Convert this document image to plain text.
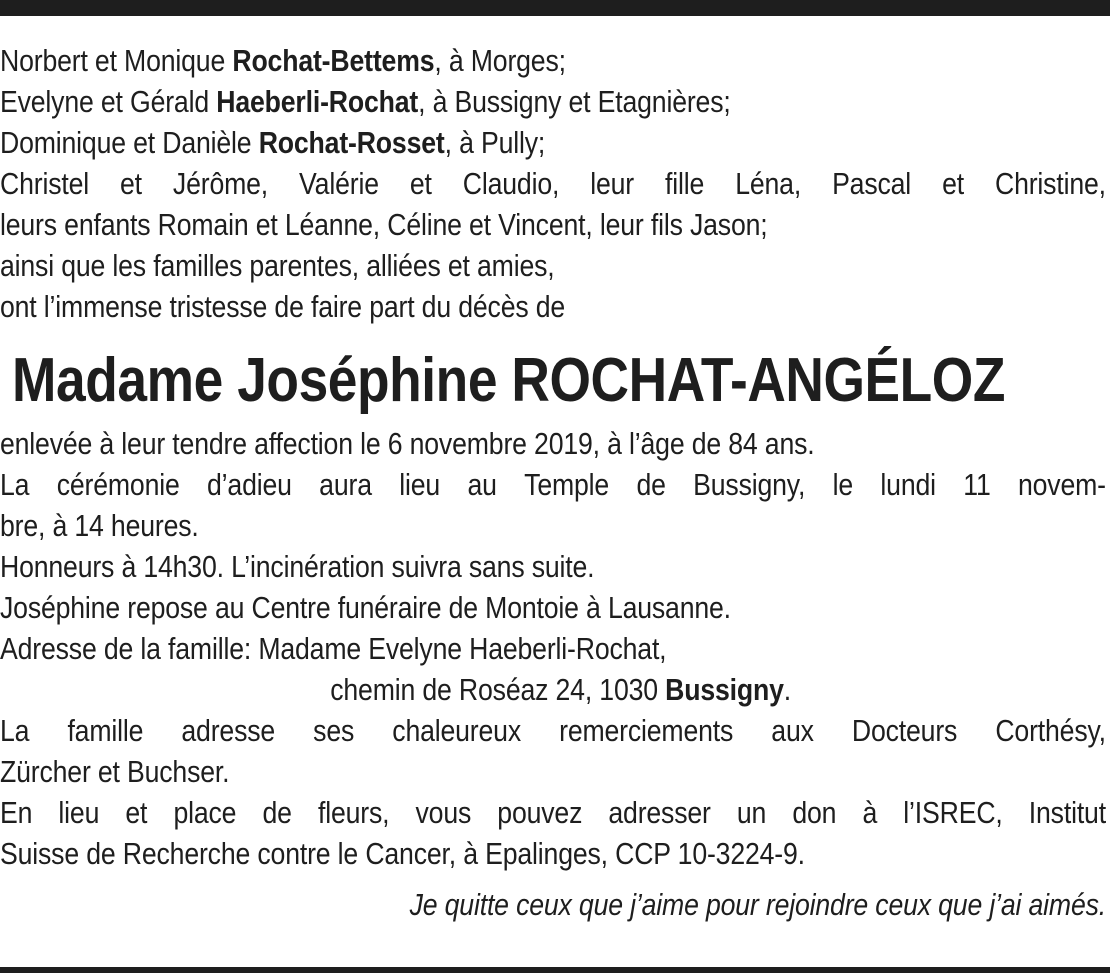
Norbert et Monique Rochat-Bettems, à Morges;
Evelyne et Gérald Haeberli-Rochat, à Bussigny et Etagnières;
Dominique et Danièle Rochat-Rosset, à Pully;
Christel et Jérôme, Valérie et Claudio, leur fille Léna, Pascal et Christine,
leurs enfants Romain et Léanne, Céline et Vincent, leur fils Jason;
ainsi que les familles parentes, alliées et amies,
ont l’immense tristesse de faire part du décès de
Madame Joséphine ROCHAT-ANGÉLOZ
enlevée à leur tendre affection le 6 novembre 2019, à l’âge de 84 ans.
La cérémonie d’adieu aura lieu au Temple de Bussigny, le lundi 11 novem-
bre, à 14 heures.
Honneurs à 14h30. L’incinération suivra sans suite.
Joséphine repose au Centre funéraire de Montoie à Lausanne.
Adresse de la famille: Madame Evelyne Haeberli-Rochat,
chemin de Roséaz 24, 1030 Bussigny.
La famille adresse ses chaleureux remerciements aux Docteurs Corthésy,
Zürcher et Buchser.
En lieu et place de fleurs, vous pouvez adresser un don à l’ISREC, Institut
Suisse de Recherche contre le Cancer, à Epalinges, CCP 10-3224-9.
Je quitte ceux que j’aime pour rejoindre ceux que j’ai aimés.
